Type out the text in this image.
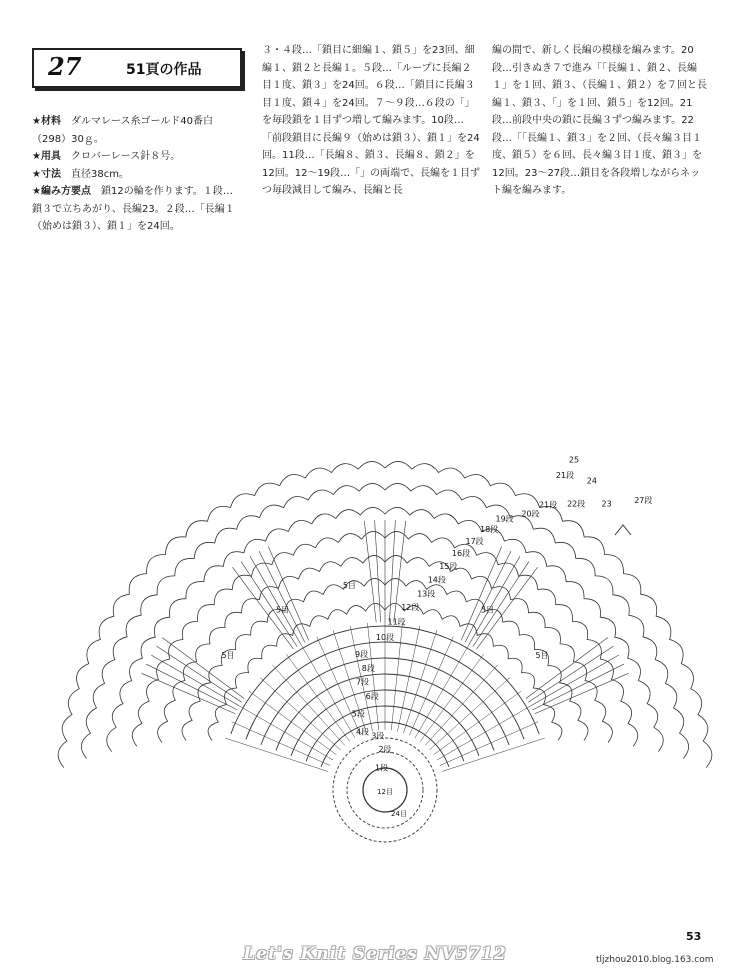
27	51頁の作品

★材料　 ダルマレース糸ゴールド40番白（298）30ｇ。

★用具　 クロバーレース針８号。

★寸法　 直径38cm。

★編み方要点　 鎖12の輪を作ります。１段…鎖３で立ちあがり、長編23。２段…「長編１（始めは鎖３）、鎖１」を24回。

３・４段…「鎖目に細編１、鎖５」を23回、細編１、鎖２と長編１。５段…「ループに長編２目１度、鎖３」を24回。６段…「鎖目に長編３目１度、鎖４」を24回。７～９段…６段の「」を毎段鎖を１目ずつ増して編みます。10段…「前段鎖目に長編９（始めは鎖３）、鎖１」を24回。11段…「長編８、鎖３、長編８、鎖２」を12回。12～19段…「」の両端で、長編を１目ずつ毎段減目して編み、長編と長

編の間で、新しく長編の模様を編みます。20段…引きぬき７で進み「「長編１、鎖２、長編１」を１回、鎖３、（長編１、鎖２）を７回と長編１、鎖３、「」を１回、鎖５」を12回。21段…前段中央の鎖に長編３ずつ編みます。22段…「「長編１、鎖３」を２回、（長々編３目１度、鎖５）を６回、長々編３目１度、鎖３」を12回。23～27段…鎖目を各段増しながらネット編を編みます。

1段
2段
3段
4段
5段
6段
7段
8段
9段
10段
11段
12段
13段
14段
15段
16段
17段
18段
19段
20段
21段 22段 23
24
25
27段
21段
5目
5目
5目
5目
5目
12目
24目
53
Let's Knit Series NV5712	tljzhou2010.blog.163.com
